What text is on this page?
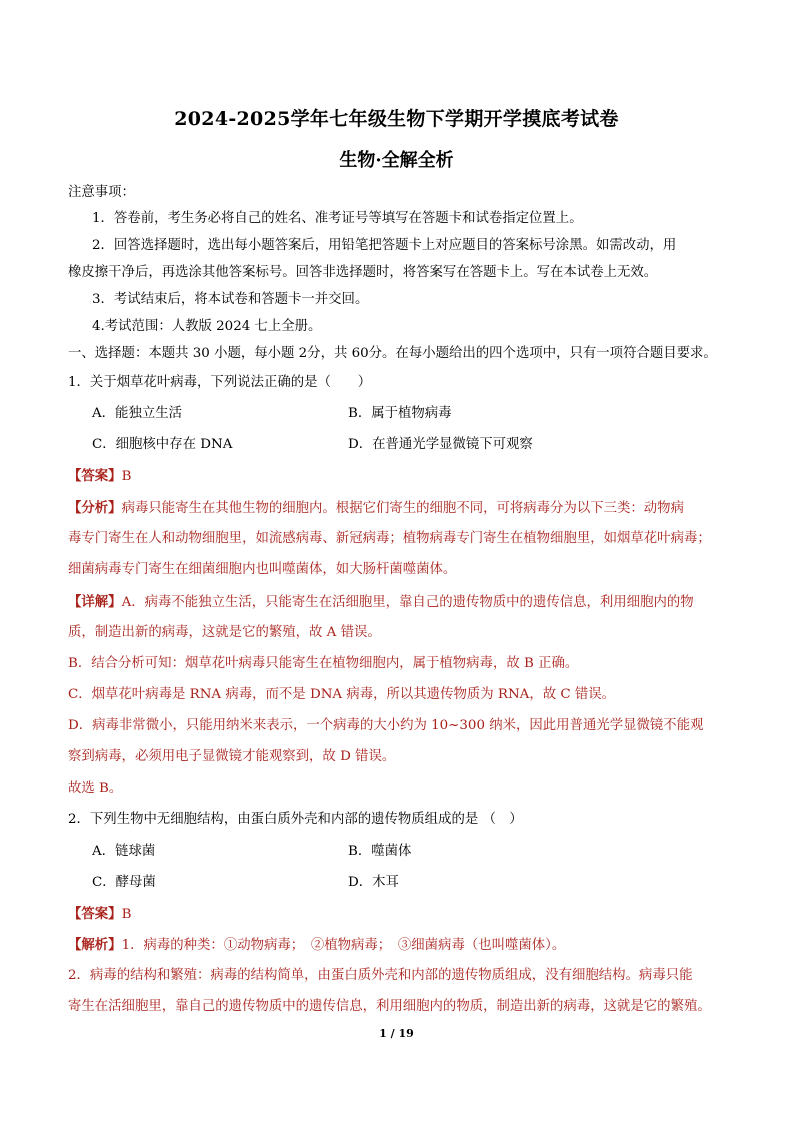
2024-2025学年七年级生物下学期开学摸底考试卷
生物·全解全析
注意事项：
1．答卷前，考生务必将自己的姓名、准考证号等填写在答题卡和试卷指定位置上。
2．回答选择题时，选出每小题答案后，用铅笔把答题卡上对应题目的答案标号涂黑。如需改动，用
橡皮擦干净后，再选涂其他答案标号。回答非选择题时，将答案写在答题卡上。写在本试卷上无效。
3．考试结束后，将本试卷和答题卡一并交回。
4.考试范围：人教版 2024 七上全册。
一、选择题：本题共 30 小题，每小题 2分，共 60分。在每小题给出的四个选项中，只有一项符合题目要求。
1．关于烟草花叶病毒，下列说法正确的是（　　）
A．能独立生活	B．属于植物病毒
C．细胞核中存在 DNA	D．在普通光学显微镜下可观察
【答案】B
【分析】病毒只能寄生在其他生物的细胞内。根据它们寄生的细胞不同，可将病毒分为以下三类：动物病
毒专门寄生在人和动物细胞里，如流感病毒、新冠病毒；植物病毒专门寄生在植物细胞里，如烟草花叶病毒；
细菌病毒专门寄生在细菌细胞内也叫噬菌体，如大肠杆菌噬菌体。
【详解】A．病毒不能独立生活，只能寄生在活细胞里，靠自己的遗传物质中的遗传信息，利用细胞内的物
质，制造出新的病毒，这就是它的繁殖，故 A 错误。
B．结合分析可知：烟草花叶病毒只能寄生在植物细胞内，属于植物病毒，故 B 正确。
C．烟草花叶病毒是 RNA 病毒，而不是 DNA 病毒，所以其遗传物质为 RNA，故 C 错误。
D．病毒非常微小，只能用纳米来表示，一个病毒的大小约为 10~300 纳米，因此用普通光学显微镜不能观
察到病毒，必须用电子显微镜才能观察到，故 D 错误。
故选 B。
2．下列生物中无细胞结构，由蛋白质外壳和内部的遗传物质组成的是 （　）
A．链球菌	B．噬菌体
C．酵母菌	D．木耳
【答案】B
【解析】1．病毒的种类：①动物病毒；　②植物病毒；　③细菌病毒（也叫噬菌体）。
2．病毒的结构和繁殖：病毒的结构简单，由蛋白质外壳和内部的遗传物质组成，没有细胞结构。病毒只能
寄生在活细胞里，靠自己的遗传物质中的遗传信息，利用细胞内的物质，制造出新的病毒，这就是它的繁殖。
1 / 19
